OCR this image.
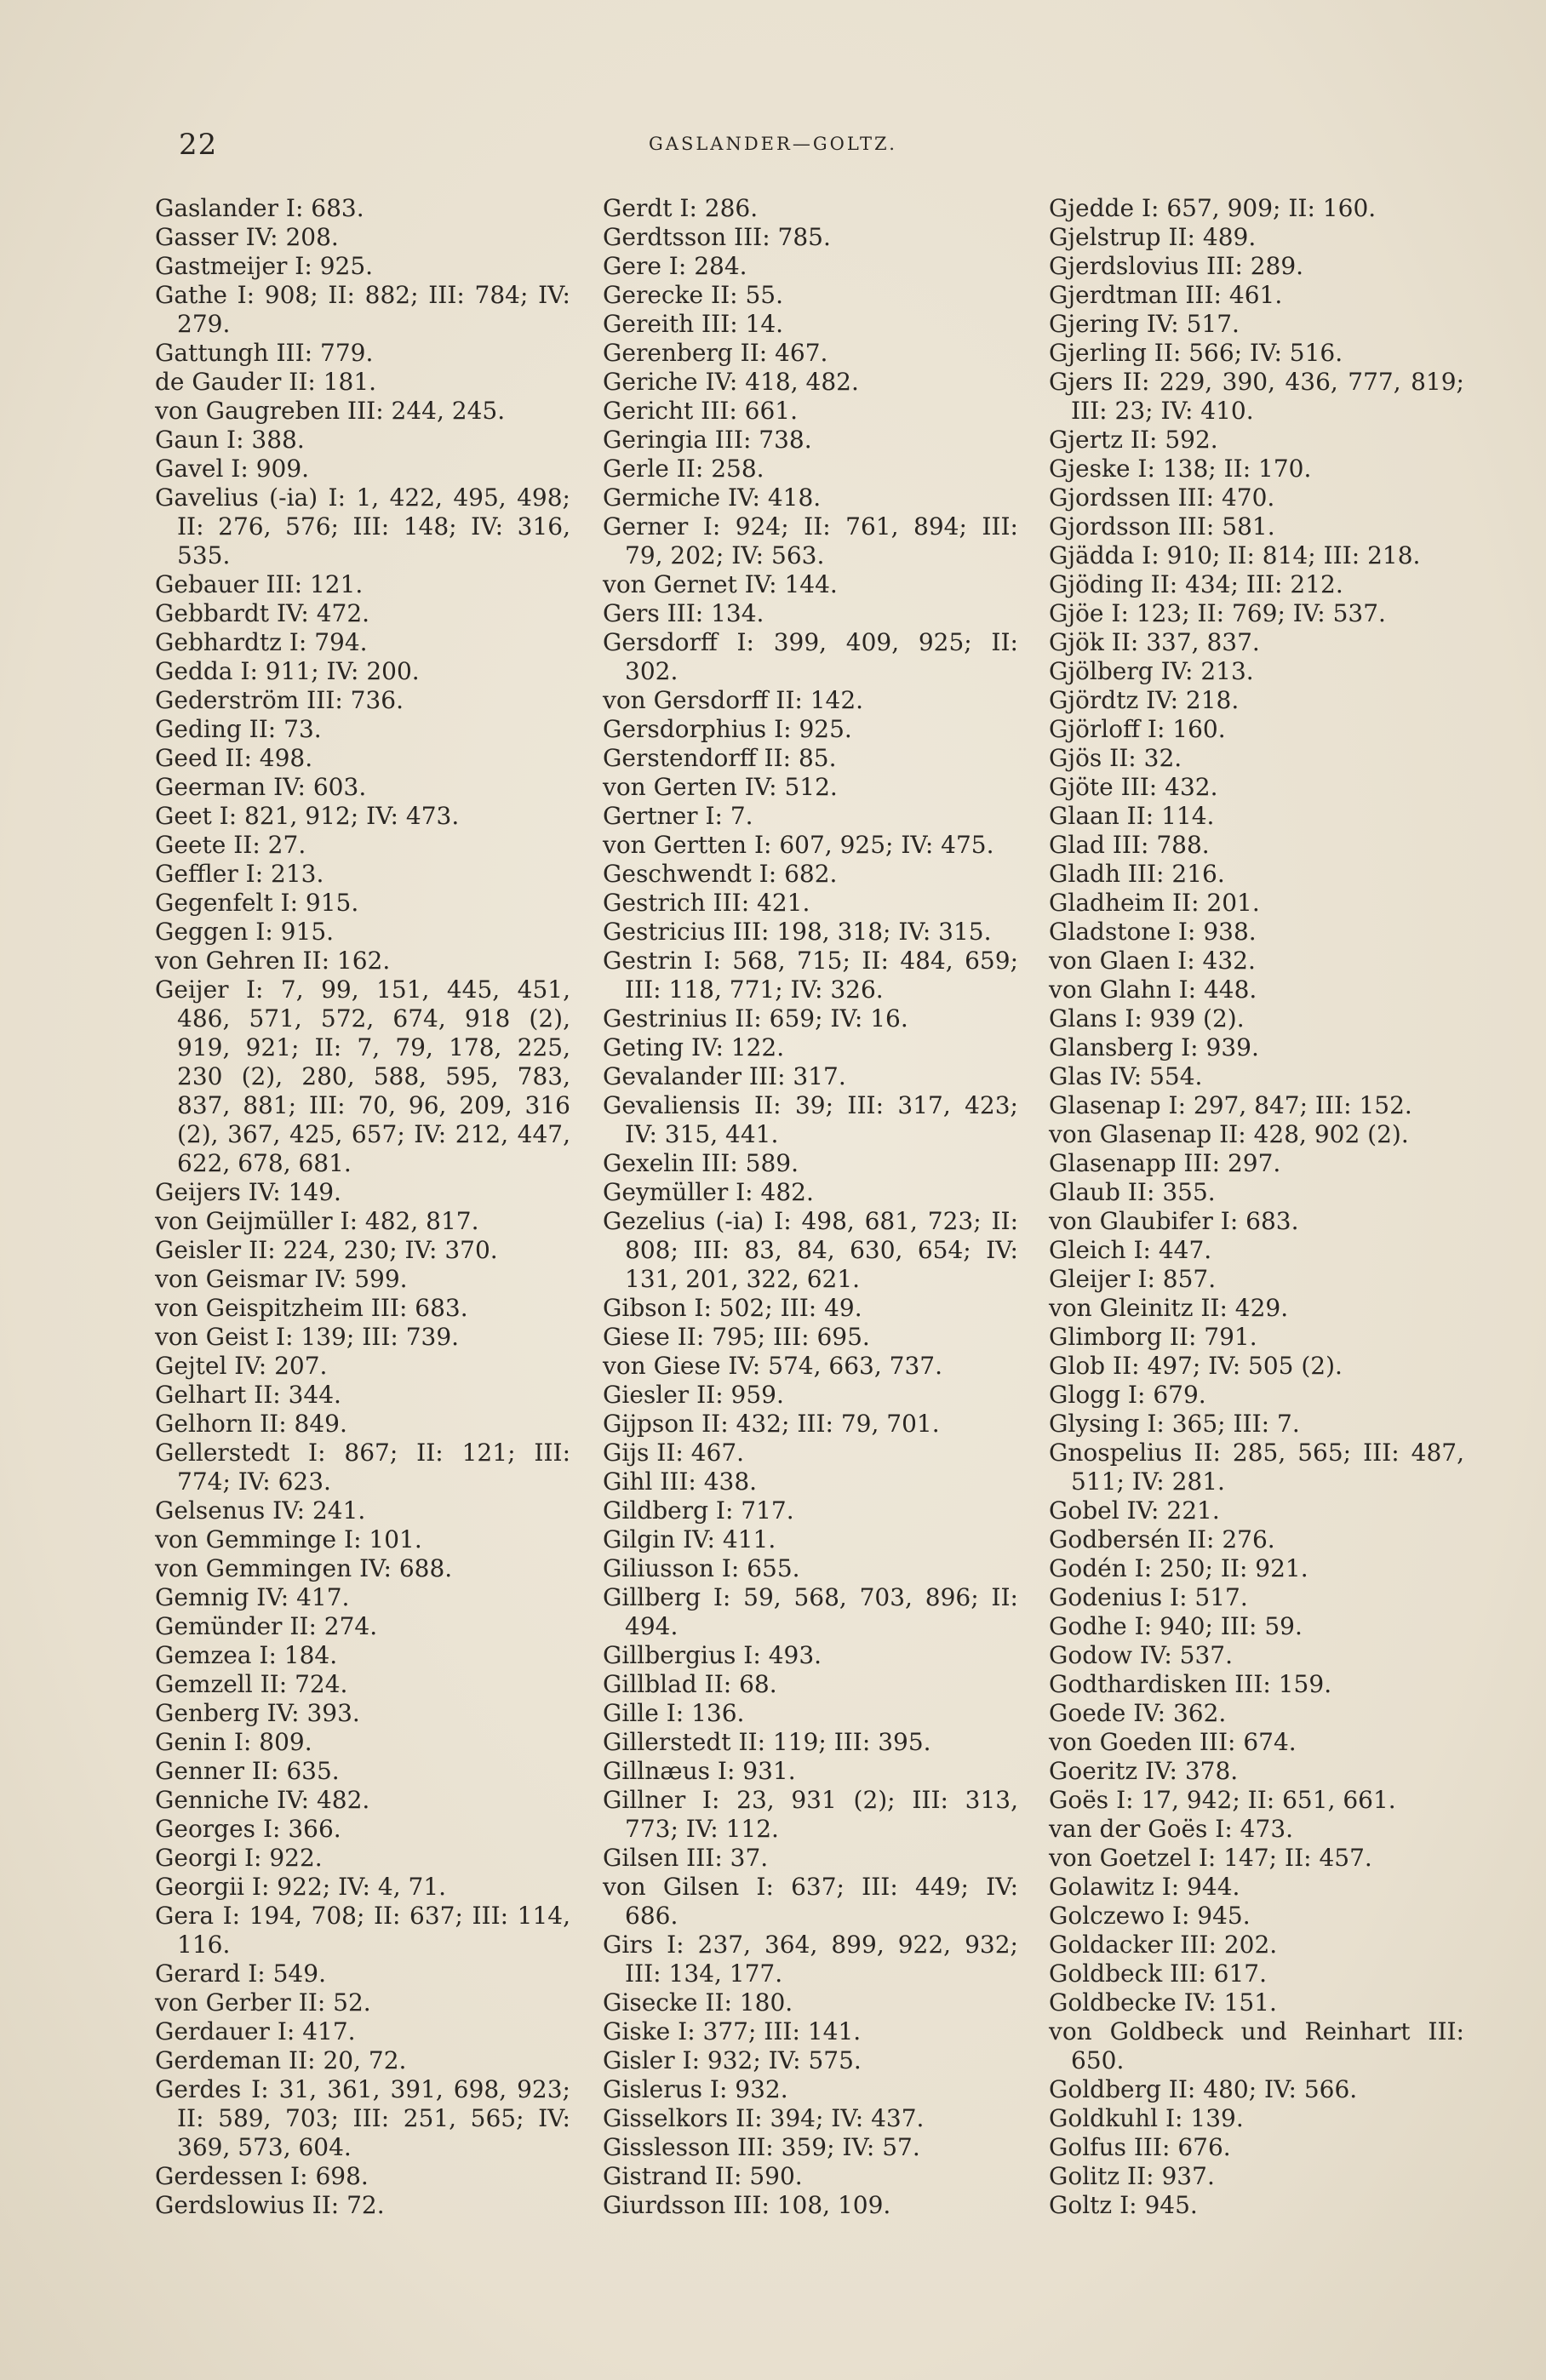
22	GASLANDER—GOLTZ.
Gaslander I: 683.
Gasser IV: 208.
Gastmeijer I: 925.
Gathe I: 908; II: 882; III: 784; IV: 279.
Gattungh III: 779.
de Gauder II: 181.
von Gaugreben III: 244, 245.
Gaun I: 388.
Gavel I: 909.
Gavelius (-ia) I: 1, 422, 495, 498; II: 276, 576; III: 148; IV: 316, 535.
Gebauer III: 121.
Gebbardt IV: 472.
Gebhardtz I: 794.
Gedda I: 911; IV: 200.
Gederström III: 736.
Geding II: 73.
Geed II: 498.
Geerman IV: 603.
Geet I: 821, 912; IV: 473.
Geete II: 27.
Geffler I: 213.
Gegenfelt I: 915.
Geggen I: 915.
von Gehren II: 162.
Geijer I: 7, 99, 151, 445, 451, 486, 571, 572, 674, 918 (2), 919, 921; II: 7, 79, 178, 225, 230 (2), 280, 588, 595, 783, 837, 881; III: 70, 96, 209, 316 (2), 367, 425, 657; IV: 212, 447, 622, 678, 681.
Geijers IV: 149.
von Geijmüller I: 482, 817.
Geisler II: 224, 230; IV: 370.
von Geismar IV: 599.
von Geispitzheim III: 683.
von Geist I: 139; III: 739.
Gejtel IV: 207.
Gelhart II: 344.
Gelhorn II: 849.
Gellerstedt I: 867; II: 121; III: 774; IV: 623.
Gelsenus IV: 241.
von Gemminge I: 101.
von Gemmingen IV: 688.
Gemnig IV: 417.
Gemünder II: 274.
Gemzea I: 184.
Gemzell II: 724.
Genberg IV: 393.
Genin I: 809.
Genner II: 635.
Genniche IV: 482.
Georges I: 366.
Georgi I: 922.
Georgii I: 922; IV: 4, 71.
Gera I: 194, 708; II: 637; III: 114, 116.
Gerard I: 549.
von Gerber II: 52.
Gerdauer I: 417.
Gerdeman II: 20, 72.
Gerdes I: 31, 361, 391, 698, 923; II: 589, 703; III: 251, 565; IV: 369, 573, 604.
Gerdessen I: 698.
Gerdslowius II: 72.
Gerdt I: 286.
Gerdtsson III: 785.
Gere I: 284.
Gerecke II: 55.
Gereith III: 14.
Gerenberg II: 467.
Geriche IV: 418, 482.
Gericht III: 661.
Geringia III: 738.
Gerle II: 258.
Germiche IV: 418.
Gerner I: 924; II: 761, 894; III: 79, 202; IV: 563.
von Gernet IV: 144.
Gers III: 134.
Gersdorff I: 399, 409, 925; II: 302.
von Gersdorff II: 142.
Gersdorphius I: 925.
Gerstendorff II: 85.
von Gerten IV: 512.
Gertner I: 7.
von Gertten I: 607, 925; IV: 475.
Geschwendt I: 682.
Gestrich III: 421.
Gestricius III: 198, 318; IV: 315.
Gestrin I: 568, 715; II: 484, 659; III: 118, 771; IV: 326.
Gestrinius II: 659; IV: 16.
Geting IV: 122.
Gevalander III: 317.
Gevaliensis II: 39; III: 317, 423; IV: 315, 441.
Gexelin III: 589.
Geymüller I: 482.
Gezelius (-ia) I: 498, 681, 723; II: 808; III: 83, 84, 630, 654; IV: 131, 201, 322, 621.
Gibson I: 502; III: 49.
Giese II: 795; III: 695.
von Giese IV: 574, 663, 737.
Giesler II: 959.
Gijpson II: 432; III: 79, 701.
Gijs II: 467.
Gihl III: 438.
Gildberg I: 717.
Gilgin IV: 411.
Giliusson I: 655.
Gillberg I: 59, 568, 703, 896; II: 494.
Gillbergius I: 493.
Gillblad II: 68.
Gille I: 136.
Gillerstedt II: 119; III: 395.
Gillnæus I: 931.
Gillner I: 23, 931 (2); III: 313, 773; IV: 112.
Gilsen III: 37.
von Gilsen I: 637; III: 449; IV: 686.
Girs I: 237, 364, 899, 922, 932; III: 134, 177.
Gisecke II: 180.
Giske I: 377; III: 141.
Gisler I: 932; IV: 575.
Gislerus I: 932.
Gisselkors II: 394; IV: 437.
Gisslesson III: 359; IV: 57.
Gistrand II: 590.
Giurdsson III: 108, 109.
Gjedde I: 657, 909; II: 160.
Gjelstrup II: 489.
Gjerdslovius III: 289.
Gjerdtman III: 461.
Gjering IV: 517.
Gjerling II: 566; IV: 516.
Gjers II: 229, 390, 436, 777, 819; III: 23; IV: 410.
Gjertz II: 592.
Gjeske I: 138; II: 170.
Gjordssen III: 470.
Gjordsson III: 581.
Gjädda I: 910; II: 814; III: 218.
Gjöding II: 434; III: 212.
Gjöe I: 123; II: 769; IV: 537.
Gjök II: 337, 837.
Gjölberg IV: 213.
Gjördtz IV: 218.
Gjörloff I: 160.
Gjös II: 32.
Gjöte III: 432.
Glaan II: 114.
Glad III: 788.
Gladh III: 216.
Gladheim II: 201.
Gladstone I: 938.
von Glaen I: 432.
von Glahn I: 448.
Glans I: 939 (2).
Glansberg I: 939.
Glas IV: 554.
Glasenap I: 297, 847; III: 152.
von Glasenap II: 428, 902 (2).
Glasenapp III: 297.
Glaub II: 355.
von Glaubifer I: 683.
Gleich I: 447.
Gleijer I: 857.
von Gleinitz II: 429.
Glimborg II: 791.
Glob II: 497; IV: 505 (2).
Glogg I: 679.
Glysing I: 365; III: 7.
Gnospelius II: 285, 565; III: 487, 511; IV: 281.
Gobel IV: 221.
Godbersén II: 276.
Godén I: 250; II: 921.
Godenius I: 517.
Godhe I: 940; III: 59.
Godow IV: 537.
Godthardisken III: 159.
Goede IV: 362.
von Goeden III: 674.
Goeritz IV: 378.
Goës I: 17, 942; II: 651, 661.
van der Goës I: 473.
von Goetzel I: 147; II: 457.
Golawitz I: 944.
Golczewo I: 945.
Goldacker III: 202.
Goldbeck III: 617.
Goldbecke IV: 151.
von Goldbeck und Reinhart III: 650.
Goldberg II: 480; IV: 566.
Goldkuhl I: 139.
Golfus III: 676.
Golitz II: 937.
Goltz I: 945.
